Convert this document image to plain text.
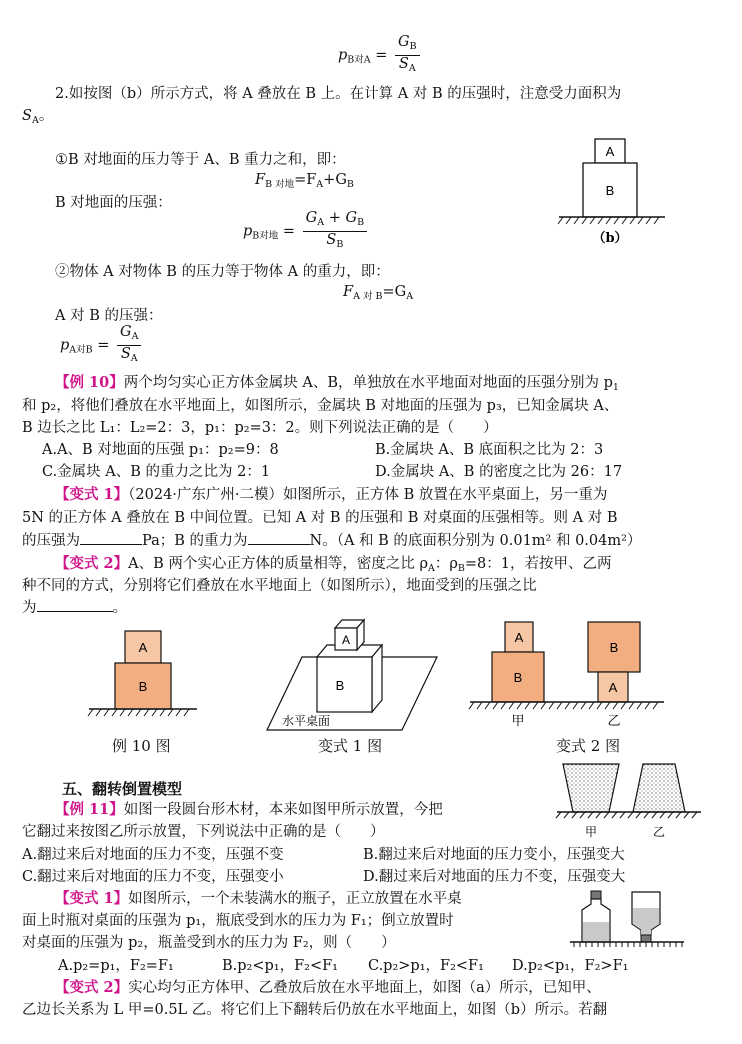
$p_{B对A} = \frac{G_B}{S_A}$
2.如按图（b）所示方式，将 A 叠放在 B 上。在计算 A 对 B 的压强时，注意受力面积为
$S_A$。
①B 对地面的压力等于 A、B 重力之和，即：
$F_{B 对地}=F_A+G_B$
B 对地面的压强：
$p_{B对地} = \frac{G_A + G_B}{S_B}$
②物体 A 对物体 B 的压力等于物体 A 的重力，即：
$F_{A 对 B}=G_A$
A 对 B 的压强：
$p_{A对B} = \frac{G_A}{S_A}$
A
B
（b）
【例 10】两个均匀实心正方体金属块 A、B，单独放在水平地面对地面的压强分别为 $p_1$
和 p₂，将他们叠放在水平地面上，如图所示，金属块 B 对地面的压强为 p₃，已知金属块 A、
B 边长之比 L₁：L₂=2：3，p₁：p₂=3：2。则下列说法正确的是（　　）
A.A、B 对地面的压强 p₁：p₂=9：8	B.金属块 A、B 底面积之比为 2：3
C.金属块 A、B 的重力之比为 2：1	D.金属块 A、B 的密度之比为 26：17
【变式 1】（2024·广东广州·二模）如图所示，正方体 B 放置在水平桌面上，另一重为
5N 的正方体 A 叠放在 B 中间位置。已知 A 对 B 的压强和 B 对桌面的压强相等。则 A 对 B
的压强为	Pa；B 的重力为	N。（A 和 B 的底面积分别为 0.01m² 和 0.04m²）
【变式 2】A、B 两个实心正方体的质量相等，密度之比 $\rho_A$：$\rho_B=8$：1，若按甲、乙两
种不同的方式，分别将它们叠放在水平地面上（如图所示），地面受到的压强之比
为	。
A
B
例 10 图
B
A
水平桌面
变式 1 图
A
B
B
A
甲	乙
变式 2 图
五、翻转倒置模型
【例 11】如图一段圆台形木材，本来如图甲所示放置，今把
它翻过来按图乙所示放置，下列说法中正确的是（　　）
A.翻过来后对地面的压力不变，压强不变	B.翻过来后对地面的压力变小，压强变大
C.翻过来后对地面的压力不变，压强变小	D.翻过来后对地面的压力不变，压强变大
甲	乙
【变式 1】如图所示，一个未装满水的瓶子，正立放置在水平桌
面上时瓶对桌面的压强为 p₁，瓶底受到水的压力为 F₁；倒立放置时
对桌面的压强为 p₂，瓶盖受到水的压力为 F₂，则（　　）
A.p₂=p₁，F₂=F₁	B.p₂<p₁，F₂<F₁ C.p₂>p₁，F₂<F₁ D.p₂<p₁，F₂>F₁
【变式 2】实心均匀正方体甲、乙叠放后放在水平地面上，如图（a）所示，已知甲、
乙边长关系为 L 甲=0.5L 乙。将它们上下翻转后仍放在水平地面上，如图（b）所示。若翻
